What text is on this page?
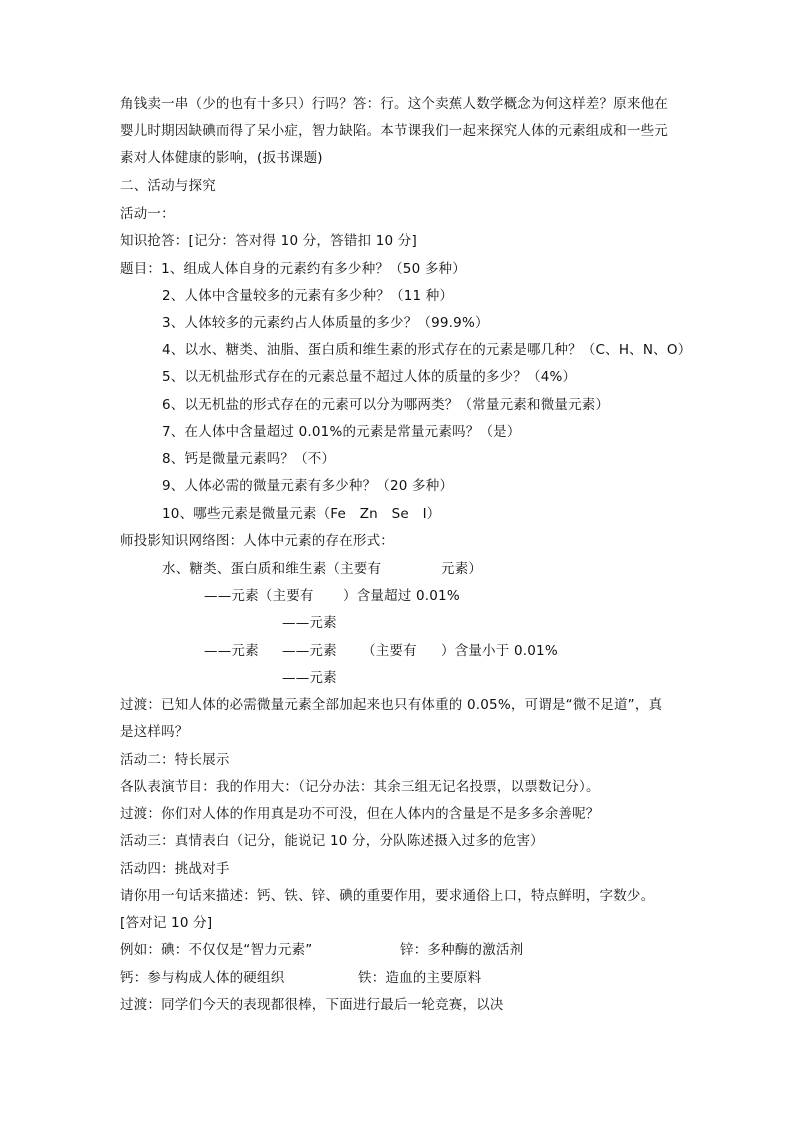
角钱卖一串（少的也有十多只）行吗？答：行。这个卖蕉人数学概念为何这样差？原来他在
婴儿时期因缺碘而得了呆小症，智力缺陷。本节课我们一起来探究人体的元素组成和一些元
素对人体健康的影响，(扳书课题)
二、活动与探究
活动一：
知识抢答：[记分：答对得 10 分，答错扣 10 分]
题目：1、组成人体自身的元素约有多少种？（50 多种）
2、人体中含量较多的元素有多少种？（11 种）
3、人体较多的元素约占人体质量的多少？（99.9%）
4、以水、糖类、油脂、蛋白质和维生素的形式存在的元素是哪几种？（C、H、N、O）
5、以无机盐形式存在的元素总量不超过人体的质量的多少？（4%）
6、以无机盐的形式存在的元素可以分为哪两类？（常量元素和微量元素）
7、在人体中含量超过 0.01%的元素是常量元素吗？（是）
8、钙是微量元素吗？（不）
9、人体必需的微量元素有多少种？（20 多种）
10、哪些元素是微量元素（Fe　Zn　Se　I）
师投影知识网络图：人体中元素的存在形式：
水、糖类、蛋白质和维生素（主要有	元素）
——元素（主要有 ）含量超过 0.01%
——元素
——元素 ——元素 （主要有 ）含量小于 0.01%
——元素
过渡：已知人体的必需微量元素全部加起来也只有体重的 0.05%，可谓是“微不足道”，真
是这样吗？
活动二：特长展示
各队表演节目：我的作用大：（记分办法：其余三组无记名投票，以票数记分）。
过渡：你们对人体的作用真是功不可没，但在人体内的含量是不是多多余善呢？
活动三：真情表白（记分，能说记 10 分，分队陈述摄入过多的危害）
活动四：挑战对手
请你用一句话来描述：钙、铁、锌、碘的重要作用，要求通俗上口，特点鲜明，字数少。
[答对记 10 分]
例如：碘：不仅仅是“智力元素”	锌：多种酶的激活剂
钙：参与构成人体的硬组织	铁：造血的主要原料
过渡：同学们今天的表现都很棒，下面进行最后一轮竞赛，以决
